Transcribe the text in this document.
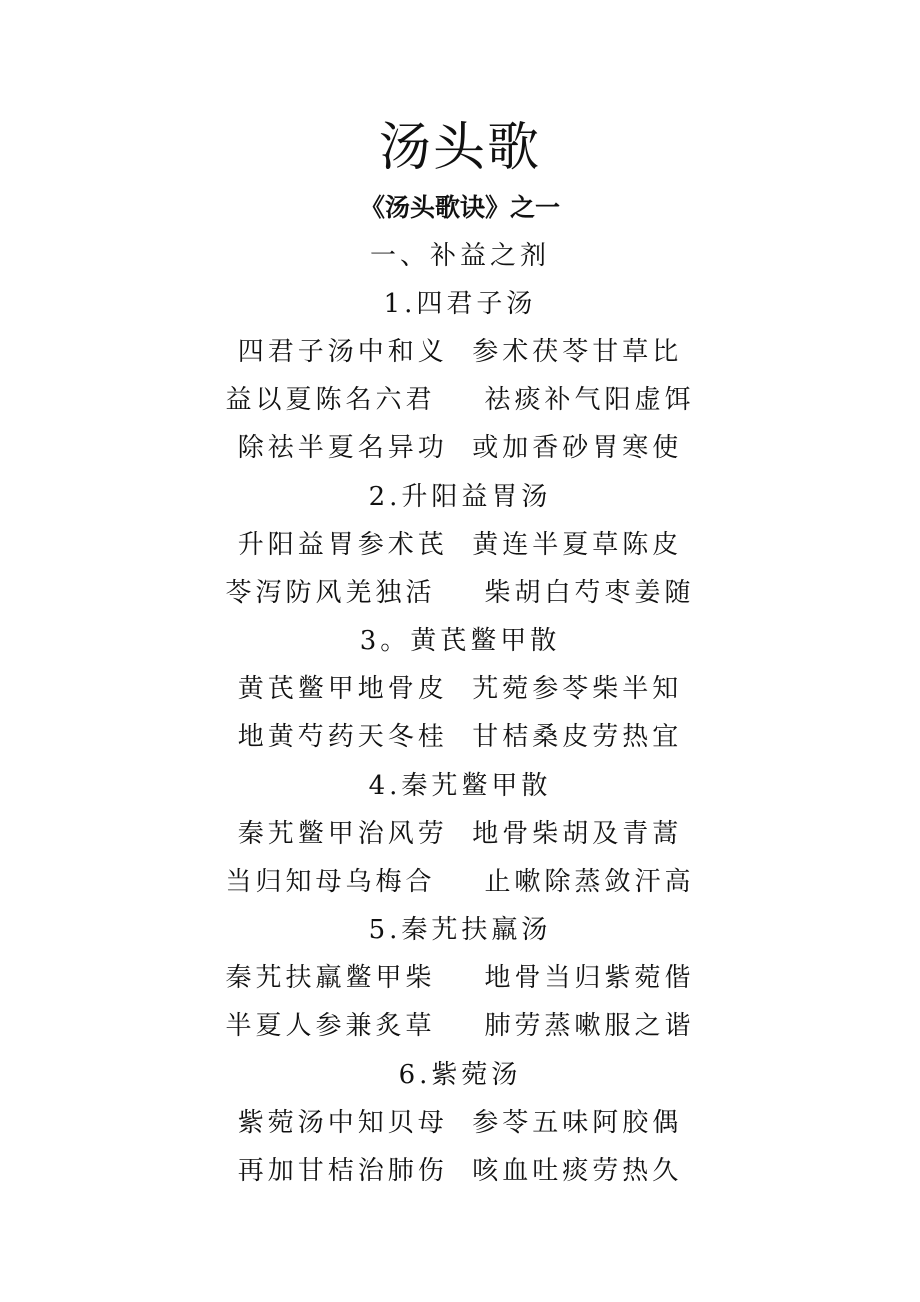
汤头歌
《汤头歌诀》之一
一、补益之剂
1.四君子汤
四君子汤中和义  参术茯苓甘草比
益以夏陈名六君    祛痰补气阳虚饵
除祛半夏名异功  或加香砂胃寒使
2.升阳益胃汤
升阳益胃参术芪  黄连半夏草陈皮
苓泻防风羌独活    柴胡白芍枣姜随
3。黄芪鳖甲散
黄芪鳖甲地骨皮  艽菀参苓柴半知
地黄芍药天冬桂  甘桔桑皮劳热宜
4.秦艽鳖甲散
秦艽鳖甲治风劳  地骨柴胡及青蒿
当归知母乌梅合    止嗽除蒸敛汗高
5.秦艽扶羸汤
秦艽扶羸鳖甲柴    地骨当归紫菀偕
半夏人参兼炙草    肺劳蒸嗽服之谐
6.紫菀汤
紫菀汤中知贝母  参苓五味阿胶偶
再加甘桔治肺伤  咳血吐痰劳热久
